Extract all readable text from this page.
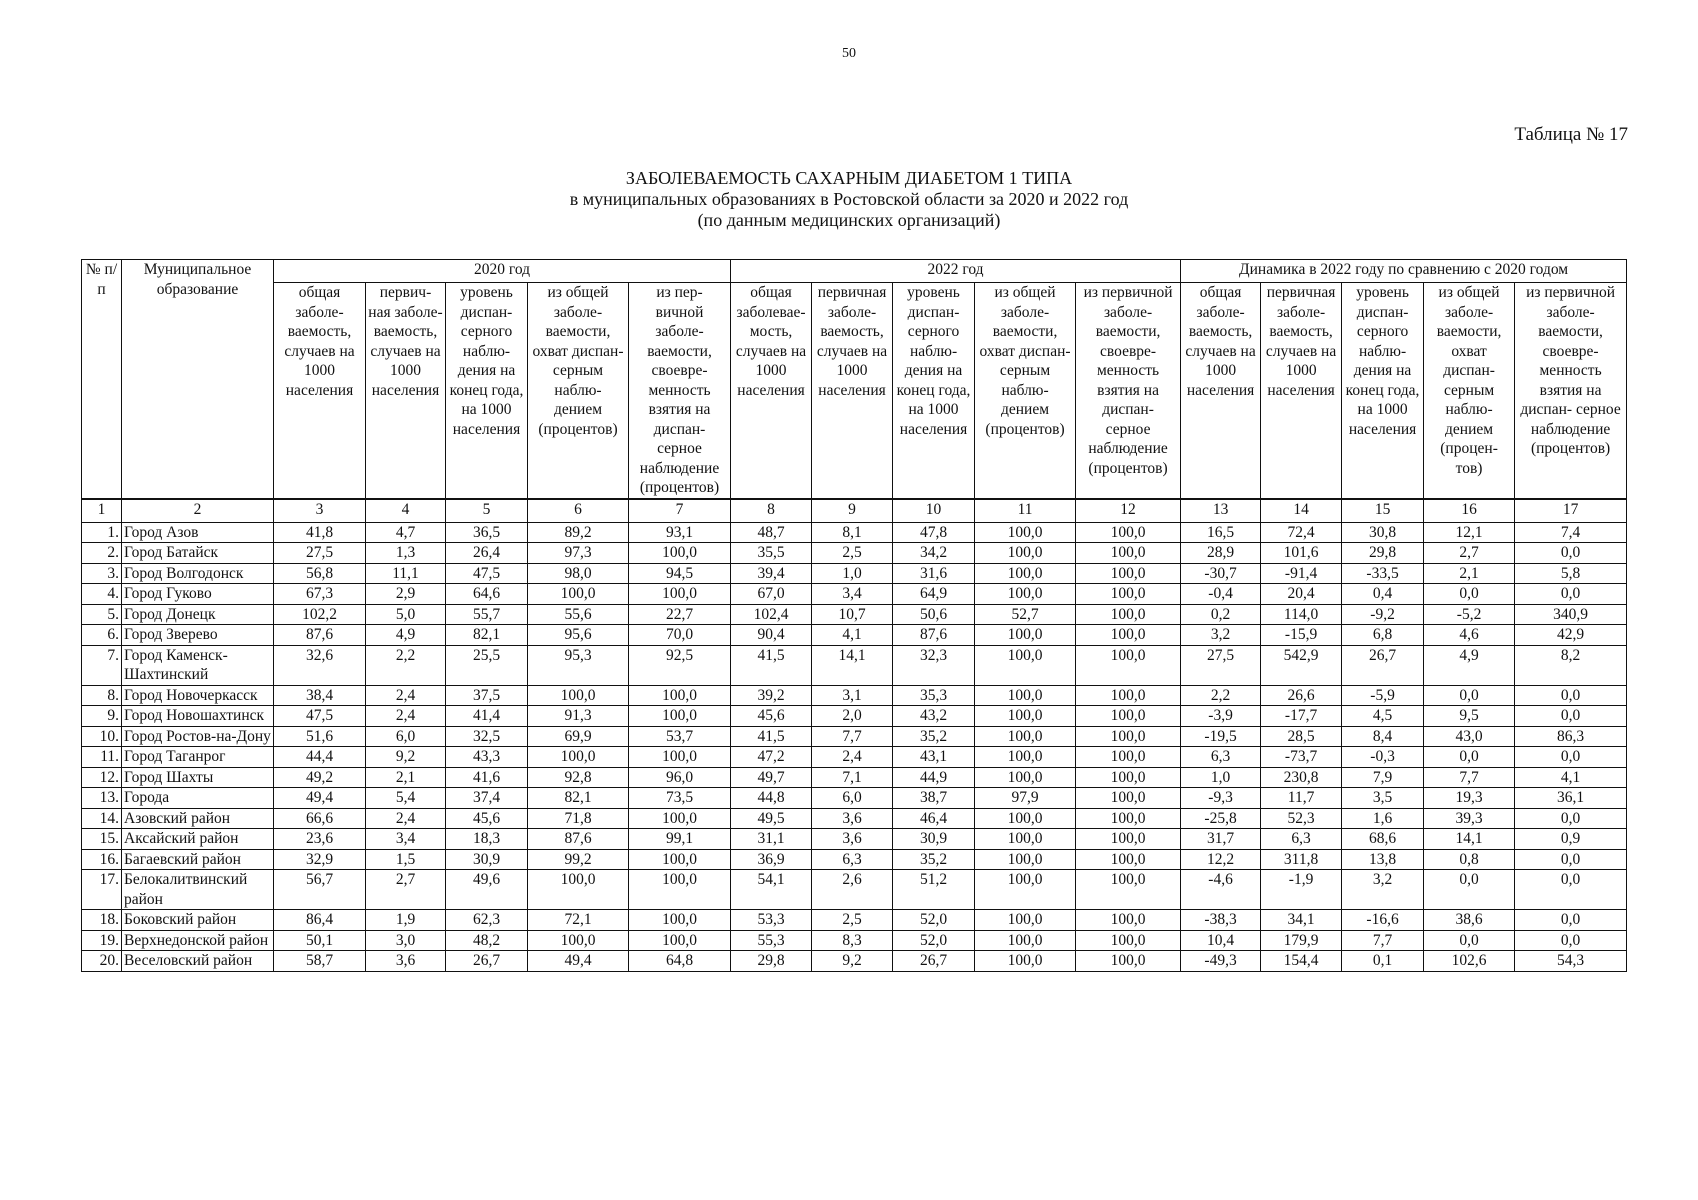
50
Таблица № 17
ЗАБОЛЕВАЕМОСТЬ САХАРНЫМ ДИАБЕТОМ 1 ТИПА
в муниципальных образованиях в Ростовской области за 2020 и 2022 год
(по данным медицинских организаций)
№ п/п	Муниципальное образование	2020 год					2022 год					Динамика в 2022 году по сравнению с 2020 годом				
		общая заболе- ваемость, случаев на 1000 населения	первич- ная заболе- ваемость, случаев на 1000 населения	уровень диспан- серного наблю- дения на конец года, на 1000 населения	из общей заболе- ваемости, охват диспан- серным наблю- дением (процентов)	из пер- вичной заболе- ваемости, своевре- менность взятия на диспан- серное наблюдение (процентов)	общая заболевае- мость, случаев на 1000 населения	первичная заболе- ваемость, случаев на 1000 населения	уровень диспан- серного наблю- дения на конец года, на 1000 населения	из общей заболе- ваемости, охват диспан- серным наблю- дением (процентов)	из первичной заболе- ваемости, своевре- менность взятия на диспан- серное наблюдение (процентов)	общая заболе- ваемость, случаев на 1000 населения	первичная заболе- ваемость, случаев на 1000 населения	уровень диспан- серного наблю- дения на конец года, на 1000 населения	из общей заболе- ваемости, охват диспан- серным наблю- дением (процен- тов)	из первичной заболе- ваемости, своевре- менность взятия на диспан- серное наблюдение (процентов)
1	2	3	4	5	6	7	8	9	10	11	12	13	14	15	16	17
1.	Город Азов	41,8	4,7	36,5	89,2	93,1	48,7	8,1	47,8	100,0	100,0	16,5	72,4	30,8	12,1	7,4
2.	Город Батайск	27,5	1,3	26,4	97,3	100,0	35,5	2,5	34,2	100,0	100,0	28,9	101,6	29,8	2,7	0,0
3.	Город Волгодонск	56,8	11,1	47,5	98,0	94,5	39,4	1,0	31,6	100,0	100,0	-30,7	-91,4	-33,5	2,1	5,8
4.	Город Гуково	67,3	2,9	64,6	100,0	100,0	67,0	3,4	64,9	100,0	100,0	-0,4	20,4	0,4	0,0	0,0
5.	Город Донецк	102,2	5,0	55,7	55,6	22,7	102,4	10,7	50,6	52,7	100,0	0,2	114,0	-9,2	-5,2	340,9
6.	Город Зверево	87,6	4,9	82,1	95,6	70,0	90,4	4,1	87,6	100,0	100,0	3,2	-15,9	6,8	4,6	42,9
7.	Город Каменск-Шахтинский	32,6	2,2	25,5	95,3	92,5	41,5	14,1	32,3	100,0	100,0	27,5	542,9	26,7	4,9	8,2
8.	Город Новочеркасск	38,4	2,4	37,5	100,0	100,0	39,2	3,1	35,3	100,0	100,0	2,2	26,6	-5,9	0,0	0,0
9.	Город Новошахтинск	47,5	2,4	41,4	91,3	100,0	45,6	2,0	43,2	100,0	100,0	-3,9	-17,7	4,5	9,5	0,0
10.	Город Ростов-на-Дону	51,6	6,0	32,5	69,9	53,7	41,5	7,7	35,2	100,0	100,0	-19,5	28,5	8,4	43,0	86,3
11.	Город Таганрог	44,4	9,2	43,3	100,0	100,0	47,2	2,4	43,1	100,0	100,0	6,3	-73,7	-0,3	0,0	0,0
12.	Город Шахты	49,2	2,1	41,6	92,8	96,0	49,7	7,1	44,9	100,0	100,0	1,0	230,8	7,9	7,7	4,1
13.	Города	49,4	5,4	37,4	82,1	73,5	44,8	6,0	38,7	97,9	100,0	-9,3	11,7	3,5	19,3	36,1
14.	Азовский район	66,6	2,4	45,6	71,8	100,0	49,5	3,6	46,4	100,0	100,0	-25,8	52,3	1,6	39,3	0,0
15.	Аксайский район	23,6	3,4	18,3	87,6	99,1	31,1	3,6	30,9	100,0	100,0	31,7	6,3	68,6	14,1	0,9
16.	Багаевский район	32,9	1,5	30,9	99,2	100,0	36,9	6,3	35,2	100,0	100,0	12,2	311,8	13,8	0,8	0,0
17.	Белокалитвинский район	56,7	2,7	49,6	100,0	100,0	54,1	2,6	51,2	100,0	100,0	-4,6	-1,9	3,2	0,0	0,0
18.	Боковский район	86,4	1,9	62,3	72,1	100,0	53,3	2,5	52,0	100,0	100,0	-38,3	34,1	-16,6	38,6	0,0
19.	Верхнедонской район	50,1	3,0	48,2	100,0	100,0	55,3	8,3	52,0	100,0	100,0	10,4	179,9	7,7	0,0	0,0
20.	Веселовский район	58,7	3,6	26,7	49,4	64,8	29,8	9,2	26,7	100,0	100,0	-49,3	154,4	0,1	102,6	54,3
